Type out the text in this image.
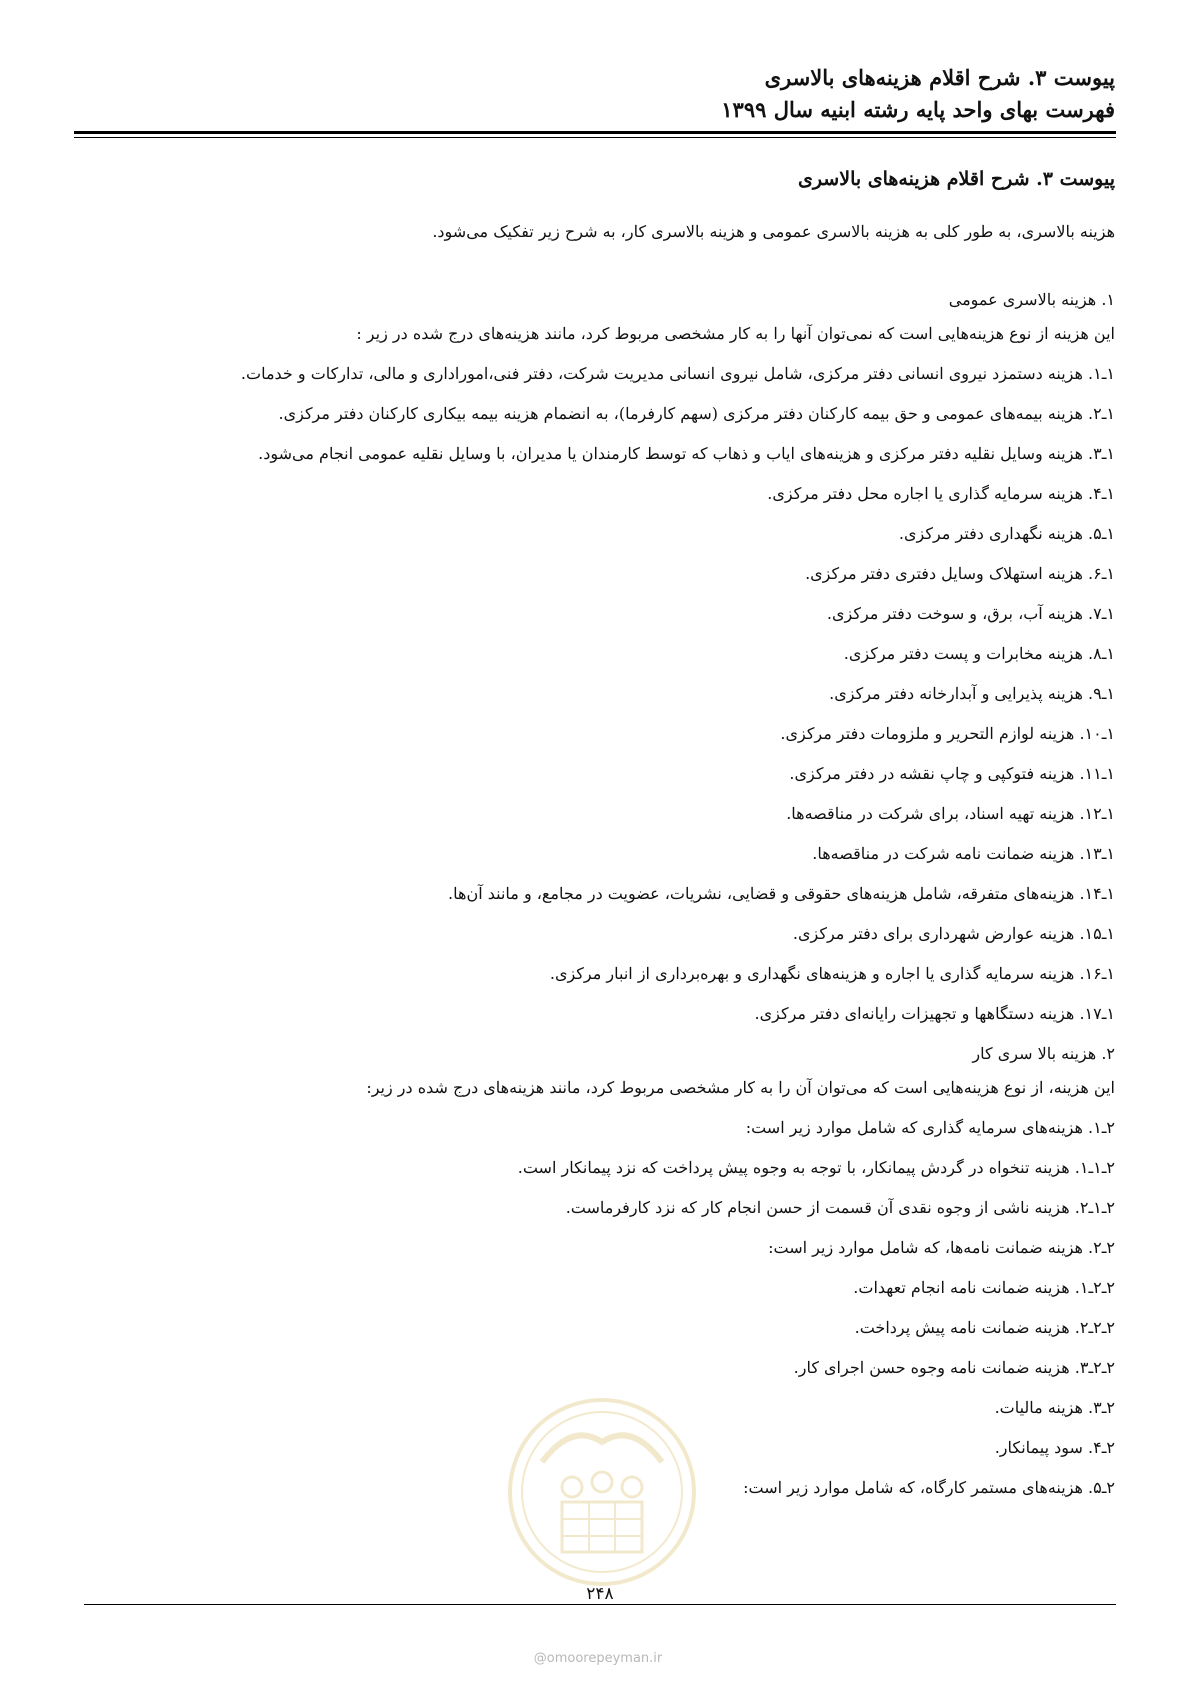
پیوست ۳. شرح اقلام هزینه‌های بالاسری
فهرست بهای واحد پایه رشته ابنیه سال ۱۳۹۹
پیوست ۳. شرح اقلام هزینه‌های بالاسری
هزینه بالاسری، به طور کلی به هزینه بالاسری عمومی و هزینه بالاسری کار، به شرح زیر تفکیک می‌شود.
۱. هزینه بالاسری عمومی
این هزینه از نوع هزینه‌هایی است که نمی‌توان آنها را به کار مشخصی مربوط کرد، مانند هزینه‌های درج شده در زیر :
۱ـ۱. هزینه دستمزد نیروی انسانی دفتر مرکزی، شامل نیروی انسانی مدیریت شرکت، دفتر فنی،اموراداری و مالی، تدارکات و خدمات.
۱ـ۲. هزینه بیمه‌های عمومی و حق بیمه کارکنان دفتر مرکزی (سهم کارفرما)، به انضمام هزینه بیمه بیکاری کارکنان دفتر مرکزی.
۱ـ۳. هزینه وسایل نقلیه دفتر مرکزی و هزینه‌های ایاب و ذهاب که توسط کارمندان یا مدیران، با وسایل نقلیه عمومی انجام می‌شود.
۱ـ۴. هزینه سرمایه گذاری یا اجاره محل دفتر مرکزی.
۱ـ۵. هزینه نگهداری دفتر مرکزی.
۱ـ۶. هزینه استهلاک وسایل دفتری دفتر مرکزی.
۱ـ۷. هزینه آب، برق، و سوخت دفتر مرکزی.
۱ـ۸. هزینه مخابرات و پست دفتر مرکزی.
۱ـ۹. هزینه پذیرایی و آبدارخانه دفتر مرکزی.
۱ـ۱۰. هزینه لوازم التحریر و ملزومات دفتر مرکزی.
۱ـ۱۱. هزینه فتوکپی و چاپ نقشه در دفتر مرکزی.
۱ـ۱۲. هزینه تهیه اسناد، برای شرکت در مناقصه‌ها.
۱ـ۱۳. هزینه ضمانت نامه شرکت در مناقصه‌ها.
۱ـ۱۴. هزینه‌های متفرقه، شامل هزینه‌های حقوقی و قضایی، نشریات، عضویت در مجامع، و مانند آن‌ها.
۱ـ۱۵. هزینه عوارض شهرداری برای دفتر مرکزی.
۱ـ۱۶. هزینه سرمایه گذاری یا اجاره و هزینه‌های نگهداری و بهره‌برداری از انبار مرکزی.
۱ـ۱۷. هزینه دستگاهها و تجهیزات رایانه‌ای دفتر مرکزی.
۲. هزینه بالا سری کار
این هزینه، از نوع هزینه‌هایی است که می‌توان آن را به کار مشخصی مربوط کرد، مانند هزینه‌های درج شده در زیر:
۲ـ۱. هزینه‌های سرمایه گذاری که شامل موارد زیر است:
۲ـ۱ـ۱. هزینه تنخواه در گردش پیمانکار، با توجه به وجوه پیش پرداخت که نزد پیمانکار است.
۲ـ۱ـ۲. هزینه ناشی از وجوه نقدی آن قسمت از حسن انجام کار که نزد کارفرماست.
۲ـ۲. هزینه ضمانت نامه‌ها، که شامل موارد زیر است:
۲ـ۲ـ۱. هزینه ضمانت نامه انجام تعهدات.
۲ـ۲ـ۲. هزینه ضمانت نامه پیش پرداخت.
۲ـ۲ـ۳. هزینه ضمانت نامه وجوه حسن اجرای کار.
۲ـ۳. هزینه مالیات.
۲ـ۴. سود پیمانکار.
۲ـ۵. هزینه‌های مستمر کارگاه، که شامل موارد زیر است:
۲۴۸
@omoorepeyman.ir
